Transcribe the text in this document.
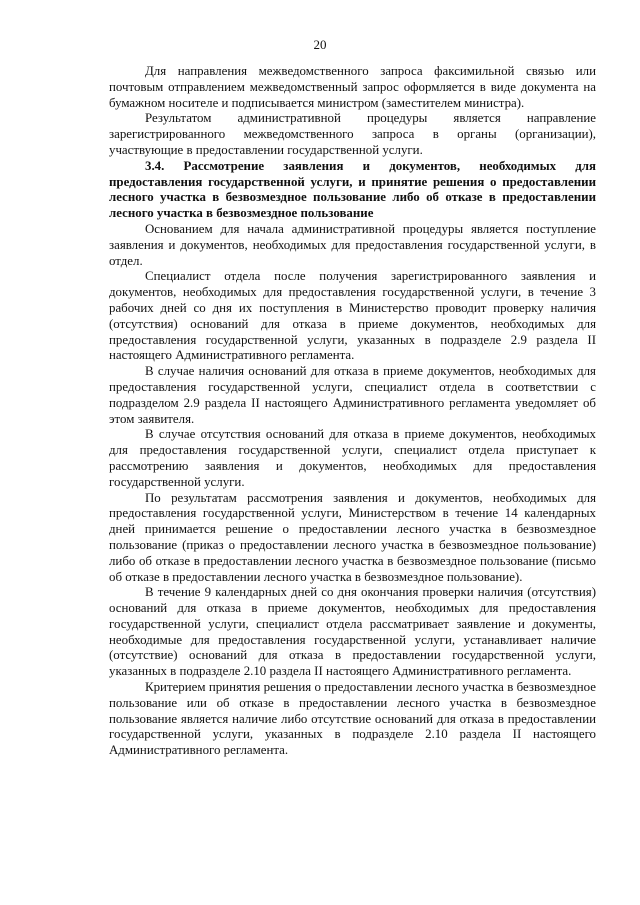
20

Для направления межведомственного запроса факсимильной связью или почтовым отправлением межведомственный запрос оформляется в виде документа на бумажном носителе и подписывается министром (заместителем министра).

Результатом административной процедуры является направление зарегистрированного межведомственного запроса в органы (организации), участвующие в предоставлении государственной услуги.

3.4. Рассмотрение заявления и документов, необходимых для предоставления государственной услуги, и принятие решения о предоставлении лесного участка в безвозмездное пользование либо об отказе в предоставлении лесного участка в безвозмездное пользование

Основанием для начала административной процедуры является поступление заявления и документов, необходимых для предоставления государственной услуги, в отдел.

Специалист отдела после получения зарегистрированного заявления и документов, необходимых для предоставления государственной услуги, в течение 3 рабочих дней со дня их поступления в Министерство проводит проверку наличия (отсутствия) оснований для отказа в приеме документов, необходимых для предоставления государственной услуги, указанных в подразделе 2.9 раздела II настоящего Административного регламента.

В случае наличия оснований для отказа в приеме документов, необходимых для предоставления государственной услуги, специалист отдела в соответствии с подразделом 2.9 раздела II настоящего Административного регламента уведомляет об этом заявителя.

В случае отсутствия оснований для отказа в приеме документов, необходимых для предоставления государственной услуги, специалист отдела приступает к рассмотрению заявления и документов, необходимых для предоставления государственной услуги.

По результатам рассмотрения заявления и документов, необходимых для предоставления государственной услуги, Министерством в течение 14 календарных дней принимается решение о предоставлении лесного участка в безвозмездное пользование (приказ о предоставлении лесного участка в безвозмездное пользование) либо об отказе в предоставлении лесного участка в безвозмездное пользование (письмо об отказе в предоставлении лесного участка в безвозмездное пользование).

В течение 9 календарных дней со дня окончания проверки наличия (отсутствия) оснований для отказа в приеме документов, необходимых для предоставления государственной услуги, специалист отдела рассматривает заявление и документы, необходимые для предоставления государственной услуги, устанавливает наличие (отсутствие) оснований для отказа в предоставлении государственной услуги, указанных в подразделе 2.10 раздела II настоящего Административного регламента.

Критерием принятия решения о предоставлении лесного участка в безвозмездное пользование или об отказе в предоставлении лесного участка в безвозмездное пользование является наличие либо отсутствие оснований для отказа в предоставлении государственной услуги, указанных в подразделе 2.10 раздела II настоящего Административного регламента.
